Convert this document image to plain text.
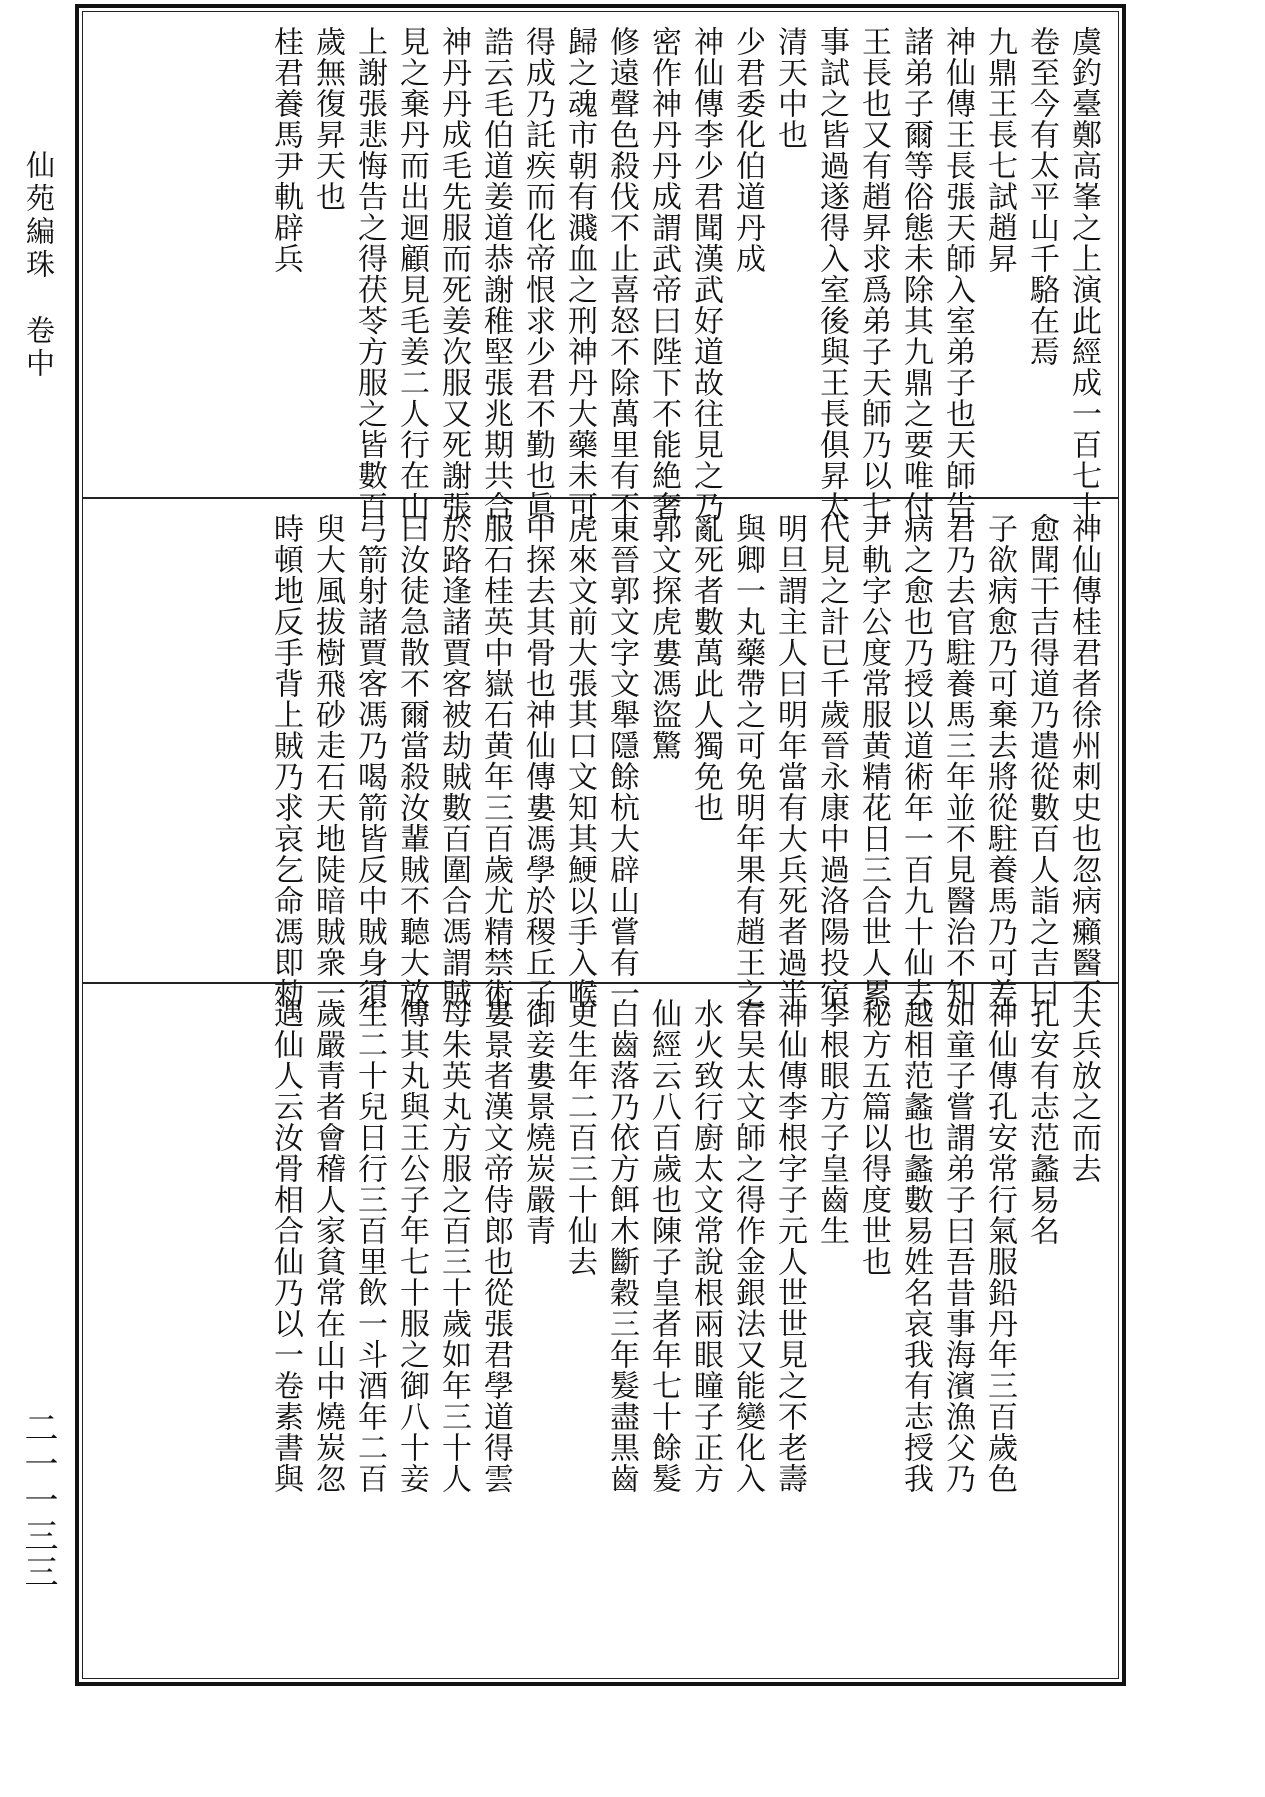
仙苑編珠　卷中
二一一三三
虞釣臺鄭高峯之上演此經成一百七十
卷至今有太平山千駱在焉
九鼎王長七試趙昇
神仙傳王長張天師入室弟子也天師告
諸弟子爾等俗態未除其九鼎之要唯付
王長也又有趙昇求爲弟子天師乃以七
事試之皆過遂得入室後與王長俱昇太
清天中也
少君委化伯道丹成
神仙傳李少君聞漢武好道故往見之乃
密作神丹丹成謂武帝曰陛下不能絶奢
修遠聲色殺伐不止喜怒不除萬里有不
歸之魂市朝有濺血之刑神丹大藥未可
得成乃託疾而化帝恨求少君不勤也眞
誥云毛伯道姜道恭謝稚堅張兆期共合
神丹丹成毛先服而死姜次服又死謝張
見之棄丹而出迴顧見毛姜二人行在山
上謝張悲悔告之得茯苓方服之皆數百
歲無復昇天也
桂君養馬尹軌辟兵
神仙傳桂君者徐州刺史也忽病癩醫不
愈聞干吉得道乃遣從數百人詣之吉曰
子欲病愈乃可棄去將從駐養馬乃可差
君乃去官駐養馬三年並不見醫治不知
病之愈也乃授以道術年一百九十仙去
尹軌字公度常服黄精花日三合世人累
代見之計已千歲晉永康中過洛陽投宿
明旦謂主人曰明年當有大兵死者過半
與卿一丸藥帶之可免明年果有趙王之
亂死者數萬此人獨免也
郭文探虎婁馮盜驚
東晉郭文字文舉隱餘杭大辟山嘗有一
虎來文前大張其口文知其鯁以手入喉
中探去其骨也神仙傳婁馮學於稷丘子
服石桂英中嶽石黄年三百歲尤精禁術
於路逢諸賈客被劫賊數百圍合馮謂賊
曰汝徒急散不爾當殺汝輩賊不聽大放
弓箭射諸賈客馮乃喝箭皆反中賊身須
臾大風拔樹飛砂走石天地陡暗賊衆一
時頓地反手背上賊乃求哀乞命馮即勑
天兵放之而去
孔安有志范蠡易名
神仙傳孔安常行氣服鉛丹年三百歲色
如童子嘗謂弟子曰吾昔事海濱漁父乃
越相范蠡也蠡數易姓名哀我有志授我
秘方五篇以得度世也
李根眼方子皇齒生
神仙傳李根字子元人世世見之不老壽
春吴太文師之得作金銀法又能變化入
水火致行廚太文常說根兩眼瞳子正方
仙經云八百歲也陳子皇者年七十餘髮
白齒落乃依方餌木斷穀三年髮盡黒齒
更生年二百三十仙去
御妾婁景燒炭嚴青
婁景者漢文帝侍郎也從張君學道得雲
母朱英丸方服之百三十歲如年三十人
傳其丸與王公子年七十服之御八十妾
生二十兒日行三百里飲一斗酒年二百
歲嚴青者會稽人家貧常在山中燒炭忽
遇仙人云汝骨相合仙乃以一卷素書與
